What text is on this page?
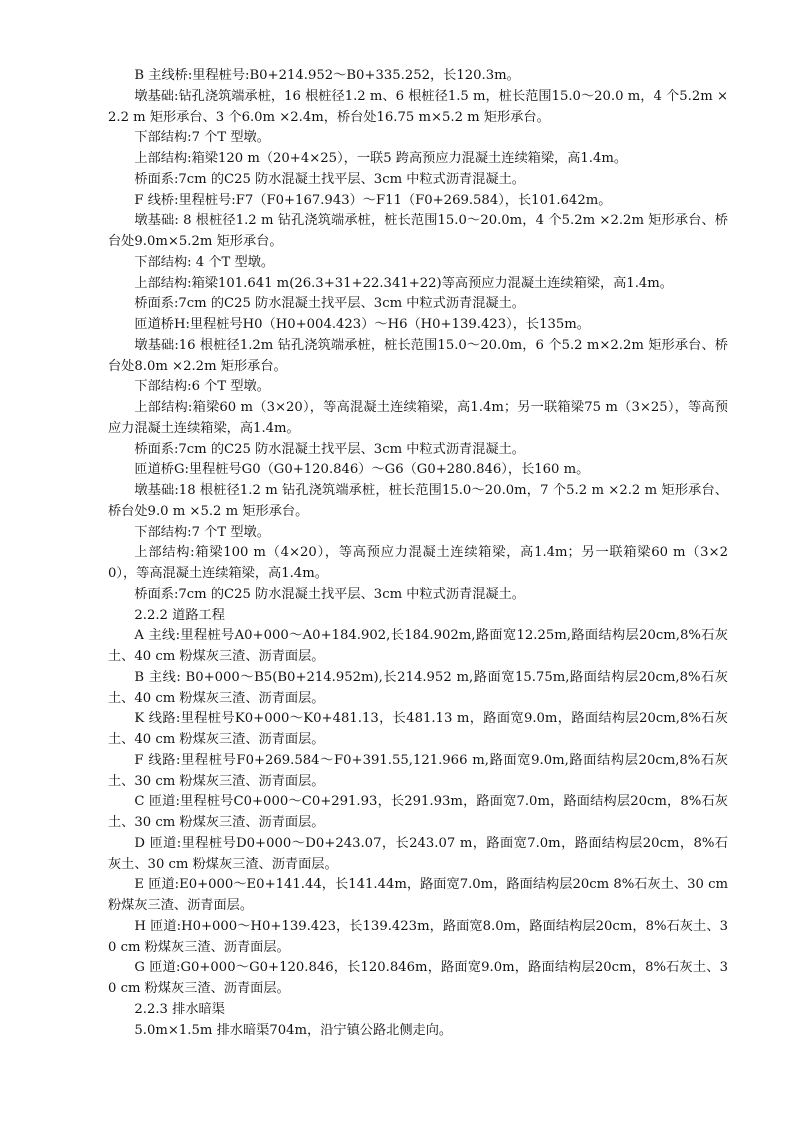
B 主线桥:里程桩号:B0+214.952～B0+335.252，长120.3m。

墩基础:钻孔浇筑端承桩，16 根桩径1.2 m、6 根桩径1.5 m，桩长范围15.0～20.0 m，4 个5.2m ×2.2 m 矩形承台、3 个6.0m ×2.4m，桥台处16.75 m×5.2 m 矩形承台。

下部结构:7 个T 型墩。

上部结构:箱梁120 m（20+4×25），一联5 跨高预应力混凝土连续箱梁，高1.4m。

桥面系:7cm 的C25 防水混凝土找平层、3cm 中粒式沥青混凝土。

F 线桥:里程桩号:F7（F0+167.943）～F11（F0+269.584），长101.642m。

墩基础: 8 根桩径1.2 m 钻孔浇筑端承桩，桩长范围15.0～20.0m，4 个5.2m ×2.2m 矩形承台、桥台处9.0m×5.2m 矩形承台。

下部结构: 4 个T 型墩。

上部结构:箱梁101.641 m(26.3+31+22.341+22)等高预应力混凝土连续箱梁，高1.4m。

桥面系:7cm 的C25 防水混凝土找平层、3cm 中粒式沥青混凝土。

匝道桥H:里程桩号H0（H0+004.423）～H6（H0+139.423），长135m。

墩基础:16 根桩径1.2m 钻孔浇筑端承桩，桩长范围15.0～20.0m，6 个5.2 m×2.2m 矩形承台、桥台处8.0m ×2.2m 矩形承台。

下部结构:6 个T 型墩。

上部结构:箱梁60 m（3×20），等高混凝土连续箱梁，高1.4m；另一联箱梁75 m（3×25），等高预应力混凝土连续箱梁，高1.4m。

桥面系:7cm 的C25 防水混凝土找平层、3cm 中粒式沥青混凝土。

匝道桥G:里程桩号G0（G0+120.846）～G6（G0+280.846），长160 m。

墩基础:18 根桩径1.2 m 钻孔浇筑端承桩，桩长范围15.0～20.0m，7 个5.2 m ×2.2 m 矩形承台、桥台处9.0 m ×5.2 m 矩形承台。

下部结构:7 个T 型墩。

上部结构:箱梁100 m（4×20），等高预应力混凝土连续箱梁，高1.4m；另一联箱梁60 m（3×20），等高混凝土连续箱梁，高1.4m。

桥面系:7cm 的C25 防水混凝土找平层、3cm 中粒式沥青混凝土。

2.2.2 道路工程

A 主线:里程桩号A0+000～A0+184.902,长184.902m,路面宽12.25m,路面结构层20cm,8%石灰土、40 cm 粉煤灰三渣、沥青面层。

B 主线: B0+000～B5(B0+214.952m),长214.952 m,路面宽15.75m,路面结构层20cm,8%石灰土、40 cm 粉煤灰三渣、沥青面层。

K 线路:里程桩号K0+000～K0+481.13，长481.13 m，路面宽9.0m，路面结构层20cm,8%石灰土、40 cm 粉煤灰三渣、沥青面层。

F 线路:里程桩号F0+269.584～F0+391.55,121.966 m,路面宽9.0m,路面结构层20cm,8%石灰土、30 cm 粉煤灰三渣、沥青面层。

C 匝道:里程桩号C0+000～C0+291.93，长291.93m，路面宽7.0m，路面结构层20cm，8%石灰土、30 cm 粉煤灰三渣、沥青面层。

D 匝道:里程桩号D0+000～D0+243.07，长243.07 m，路面宽7.0m，路面结构层20cm，8%石灰土、30 cm 粉煤灰三渣、沥青面层。

E 匝道:E0+000～E0+141.44，长141.44m，路面宽7.0m，路面结构层20cm 8%石灰土、30 cm 粉煤灰三渣、沥青面层。

H 匝道:H0+000～H0+139.423，长139.423m，路面宽8.0m，路面结构层20cm，8%石灰土、30 cm 粉煤灰三渣、沥青面层。

G 匝道:G0+000～G0+120.846，长120.846m，路面宽9.0m，路面结构层20cm，8%石灰土、30 cm 粉煤灰三渣、沥青面层。

2.2.3 排水暗渠

5.0m×1.5m 排水暗渠704m，沿宁镇公路北侧走向。
